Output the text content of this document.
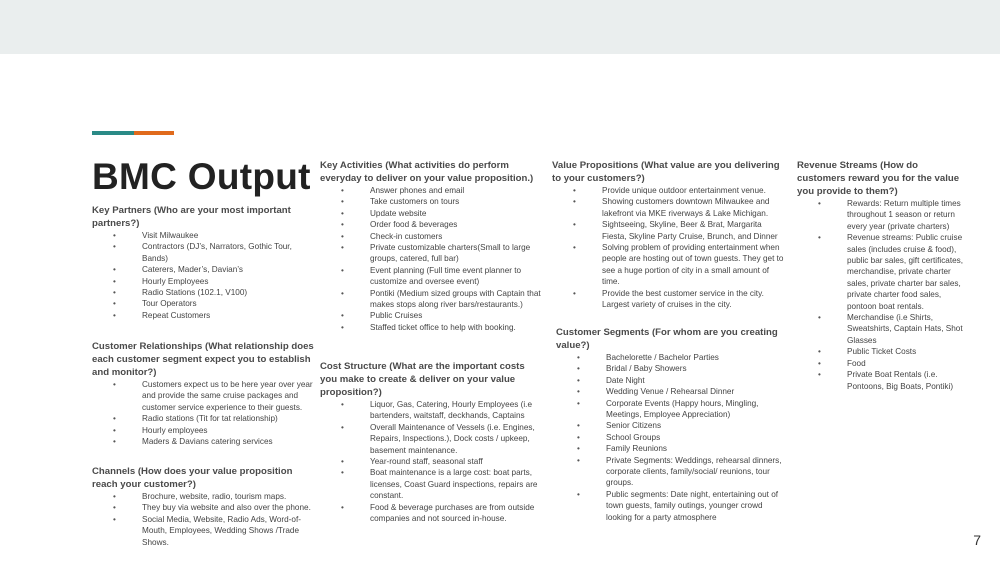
BMC Output

Key Partners (Who are your most important partners?)

• Visit Milwaukee
• Contractors (DJ’s, Narrators, Gothic Tour, Bands)
• Caterers, Mader’s, Davian’s
• Hourly Employees
• Radio Stations (102.1, V100)
• Tour Operators
• Repeat Customers

Customer Relationships (What relationship does each customer segment expect you to establish and monitor?)

• Customers expect us to be here year over year and provide the same cruise packages and customer service experience to their guests.
• Radio stations (Tit for tat relationship)
• Hourly employees
• Maders & Davians catering services

Channels (How does your value proposition reach your customer?)

• Brochure, website, radio, tourism maps.
• They buy via website and also over the phone.
• Social Media, Website, Radio Ads, Word-of-Mouth, Employees, Wedding Shows /Trade Shows.

Key Activities (What activities do perform everyday to deliver on your value proposition.)

• Answer phones and email
• Take customers on tours
• Update website
• Order food & beverages
• Check-in customers
• Private customizable charters(Small to large groups, catered, full bar)
• Event planning (Full time event planner to customize and oversee event)
• Pontiki (Medium sized groups with Captain that makes stops along river bars/restaurants.)
• Public Cruises
• Staffed ticket office to help with booking.

Cost Structure (What are the important costs you make to create & deliver on your value proposition?)

• Liquor, Gas, Catering, Hourly Employees (i.e bartenders, waitstaff, deckhands, Captains
• Overall Maintenance of Vessels (i.e. Engines, Repairs, Inspections.), Dock costs / upkeep, basement maintenance.
• Year-round staff, seasonal staff
• Boat maintenance is a large cost: boat parts, licenses, Coast Guard inspections, repairs are constant.
• Food & beverage purchases are from outside companies and not sourced in-house.

Value Propositions (What value are you delivering to your customers?)

• Provide unique outdoor entertainment venue.
• Showing customers downtown Milwaukee and lakefront via MKE riverways & Lake Michigan.
• Sightseeing, Skyline, Beer & Brat, Margarita Fiesta, Skyline Party Cruise, Brunch, and Dinner
• Solving problem of providing entertainment when people are hosting out of town guests. They get to see a huge portion of city in a small amount of time.
• Provide the best customer service in the city. Largest variety of cruises in the city.

Customer Segments (For whom are you creating value?)

• Bachelorette / Bachelor Parties
• Bridal / Baby Showers
• Date Night
• Wedding Venue / Rehearsal Dinner
• Corporate Events (Happy hours, Mingling, Meetings, Employee Appreciation)
• Senior Citizens
• School Groups
• Family Reunions
• Private Segments: Weddings, rehearsal dinners, corporate clients, family/social/ reunions, tour groups.
• Public segments: Date night, entertaining out of town guests, family outings, younger crowd looking for a party atmosphere

Revenue Streams (How do customers reward you for the value you provide to them?)

• Rewards: Return multiple times throughout 1 season or return every year (private charters)
• Revenue streams: Public cruise sales (includes cruise & food), public bar sales, gift certificates, merchandise, private charter sales, private charter bar sales, private charter food sales, pontoon boat rentals.
• Merchandise (i.e Shirts, Sweatshirts, Captain Hats, Shot Glasses
• Public Ticket Costs
• Food
• Private Boat Rentals (i.e. Pontoons, Big Boats, Pontiki)
7
